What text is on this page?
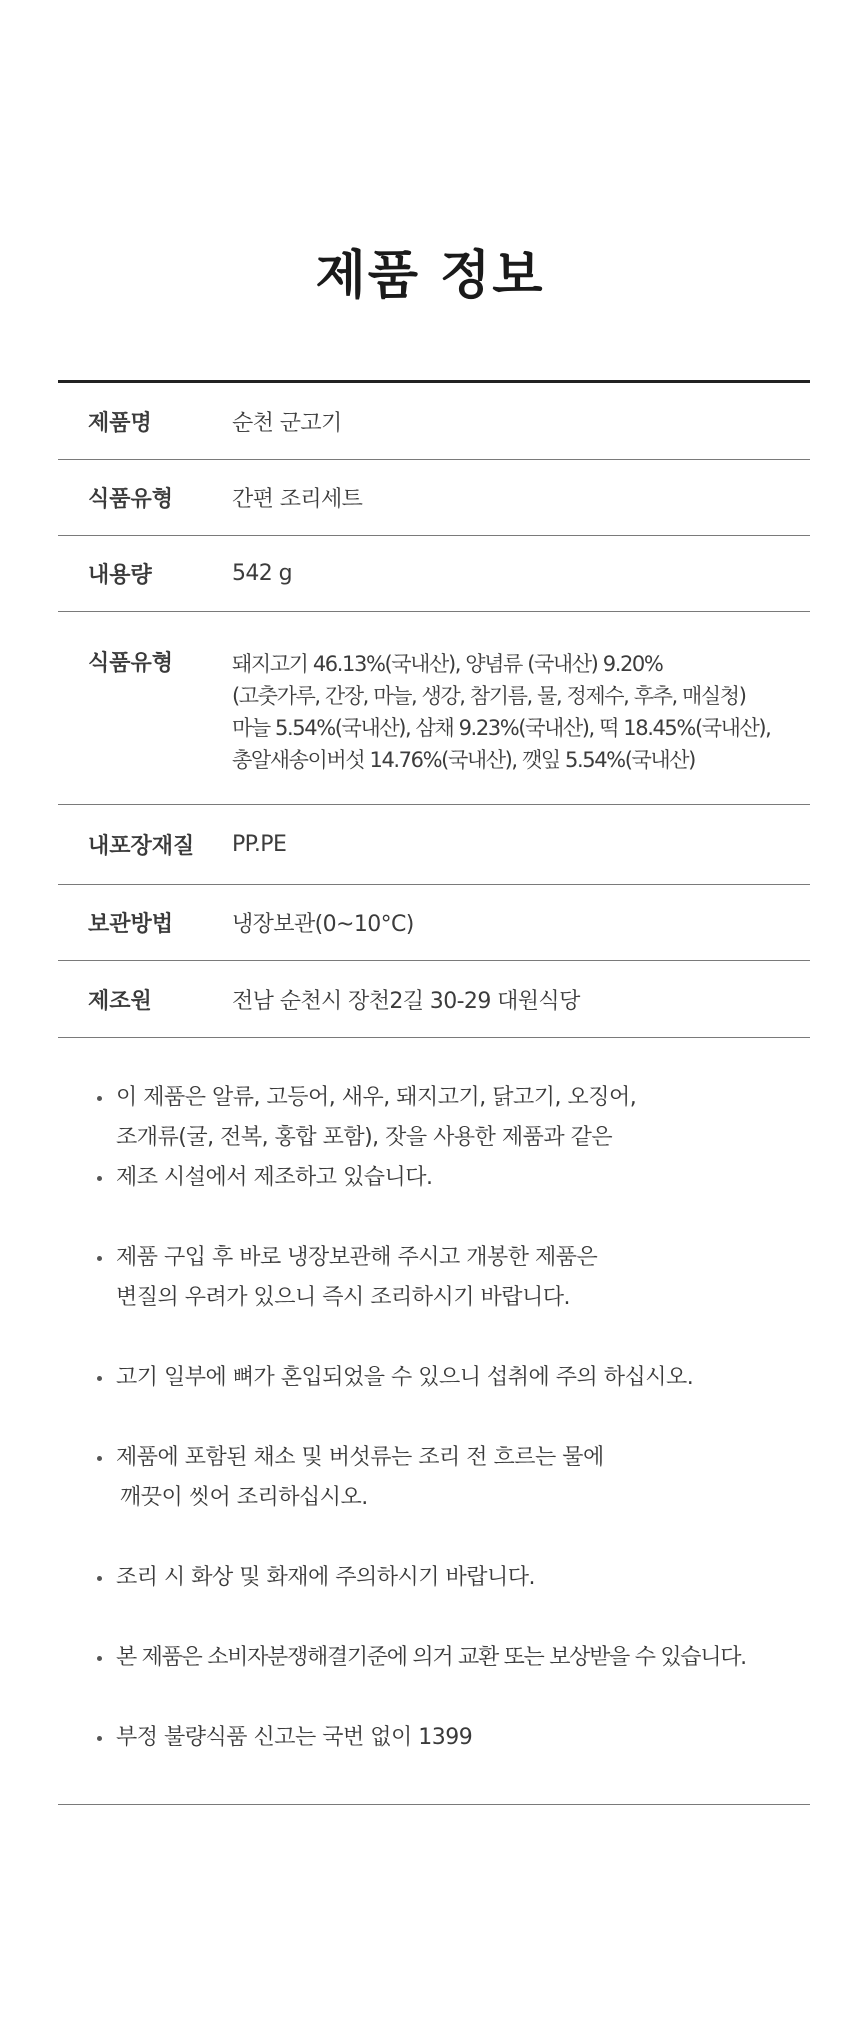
제품 정보
제품명	순천 군고기
식품유형	간편 조리세트
내용량	542 g
식품유형	돼지고기 46.13%(국내산), 양념류 (국내산) 9.20%
(고춧가루, 간장, 마늘, 생강, 참기름, 물, 정제수, 후추, 매실청)
마늘 5.54%(국내산), 삼채 9.23%(국내산), 떡 18.45%(국내산),
총알새송이버섯 14.76%(국내산), 깻잎 5.54%(국내산)
내포장재질	PP.PE
보관방법	냉장보관(0~10°C)
제조원	전남 순천시 장천2길 30-29 대원식당
이 제품은 알류, 고등어, 새우, 돼지고기, 닭고기, 오징어,
조개류(굴, 전복, 홍합 포함), 잣을 사용한 제품과 같은
제조 시설에서 제조하고 있습니다.
제품 구입 후 바로 냉장보관해 주시고 개봉한 제품은
변질의 우려가 있으니 즉시 조리하시기 바랍니다.
고기 일부에 뼈가 혼입되었을 수 있으니 섭취에 주의 하십시오.
제품에 포함된 채소 및 버섯류는 조리 전 흐르는 물에
깨끗이 씻어 조리하십시오.
조리 시 화상 및 화재에 주의하시기 바랍니다.
본 제품은 소비자분쟁해결기준에 의거 교환 또는 보상받을 수 있습니다.
부정 불량식품 신고는 국번 없이 1399
